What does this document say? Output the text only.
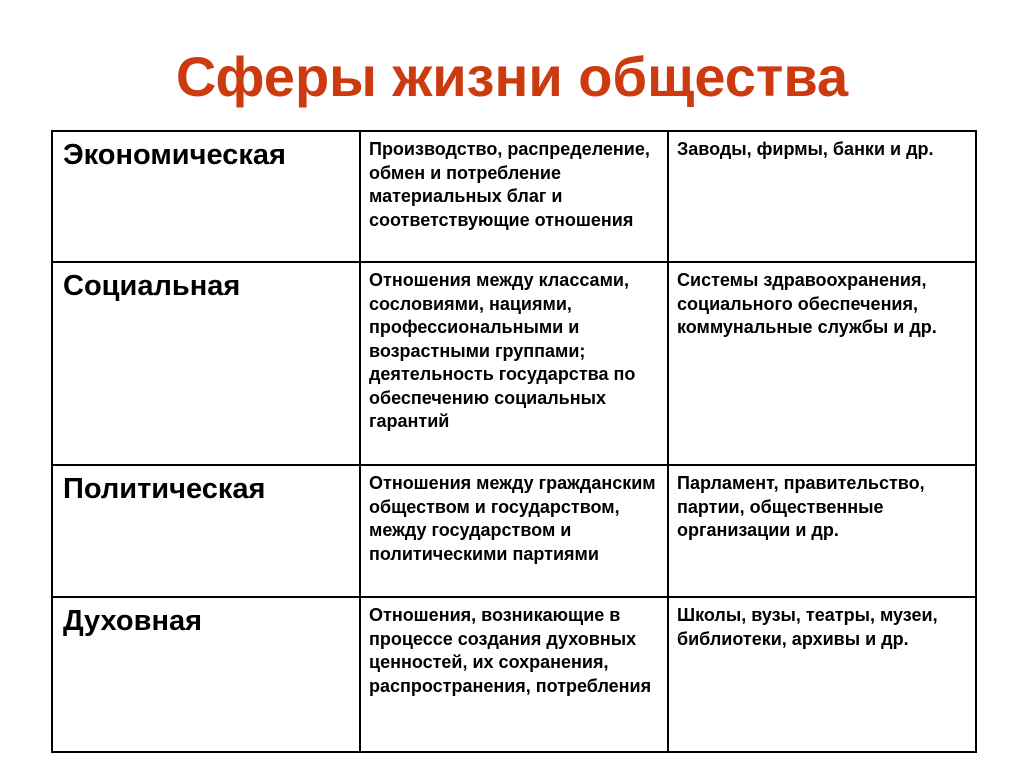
Сферы жизни общества
Экономическая	Производство, распределение, обмен и потребление материальных благ и соответствующие отношения	Заводы, фирмы, банки и др.
Социальная	Отношения между классами, сословиями, нациями, профессиональными и возрастными группами; деятельность государства по обеспечению социальных гарантий	Системы здравоохранения, социального обеспечения, коммунальные службы и др.
Политическая	Отношения между гражданским обществом и государством, между государством и политическими партиями	Парламент, правительство, партии, общественные организации и др.
Духовная	Отношения, возникающие в процессе создания духовных ценностей, их сохранения, распространения, потребления	Школы, вузы, театры, музеи, библиотеки, архивы и др.
